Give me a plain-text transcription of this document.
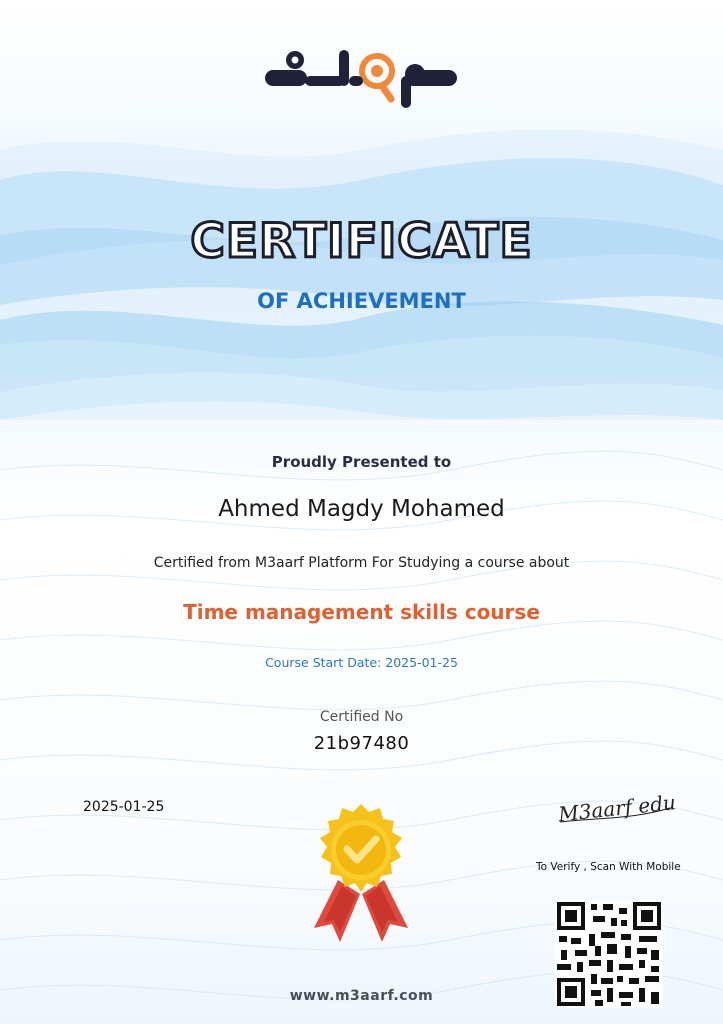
CERTIFICATE
OF ACHIEVEMENT
Proudly Presented to
Ahmed Magdy Mohamed
Certified from M3aarf Platform For Studying a course about
Time management skills course
Course Start Date: 2025-01-25
Certified No
21b97480
2025-01-25	M3aarf edu
To Verify , Scan With Mobile
www.m3aarf.com
